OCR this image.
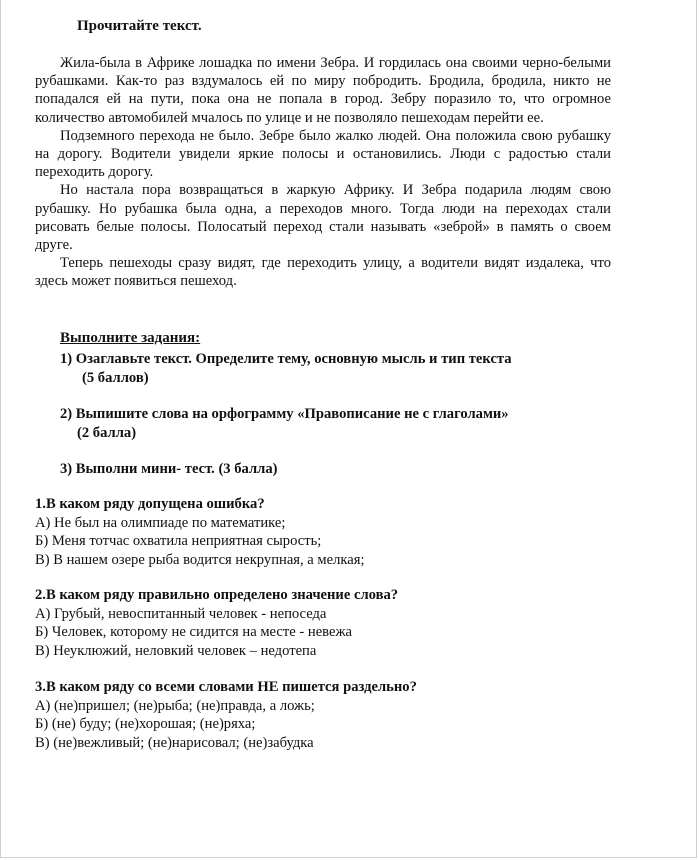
Прочитайте текст.

Жила-была в Африке лошадка по имени Зебра. И гордилась она своими черно-белыми рубашками. Как-то раз вздумалось ей по миру побродить. Бродила, бродила, никто не попадался ей на пути, пока она не попала в город. Зебру поразило то, что огромное количество автомобилей мчалось по улице и не позволяло пешеходам перейти ее.

Подземного перехода не было. Зебре было жалко людей. Она положила свою рубашку на дорогу. Водители увидели яркие полосы и остановились. Люди с радостью стали переходить дорогу.

Но настала пора возвращаться в жаркую Африку. И Зебра подарила людям свою рубашку. Но рубашка была одна, а переходов много. Тогда люди на переходах стали рисовать белые полосы. Полосатый переход стали называть «зеброй» в память о своем друге.

Теперь пешеходы сразу видят, где переходить улицу, а водители видят издалека, что здесь может появиться пешеход.

Выполните задания:
1) Озаглавьте текст. Определите тему, основную мысль и тип текста
(5 баллов)
2) Выпишите слова на орфограмму «Правописание не с глаголами»
(2 балла)
3) Выполни мини- тест. (3 балла)
1.В каком ряду допущена ошибка?
А) Не был на олимпиаде по математике;
Б) Меня тотчас охватила неприятная сырость;
В) В нашем озере рыба водится некрупная, а мелкая;
2.В каком ряду правильно определено значение слова?
А) Грубый, невоспитанный человек - непоседа
Б) Человек, которому не сидится на месте - невежа
В) Неуклюжий, неловкий человек – недотепа
3.В каком ряду со всеми словами НЕ пишется раздельно?
А) (не)пришел; (не)рыба; (не)правда, а ложь;
Б) (не) буду; (не)хорошая; (не)ряха;
В) (не)вежливый; (не)нарисовал; (не)забудка
